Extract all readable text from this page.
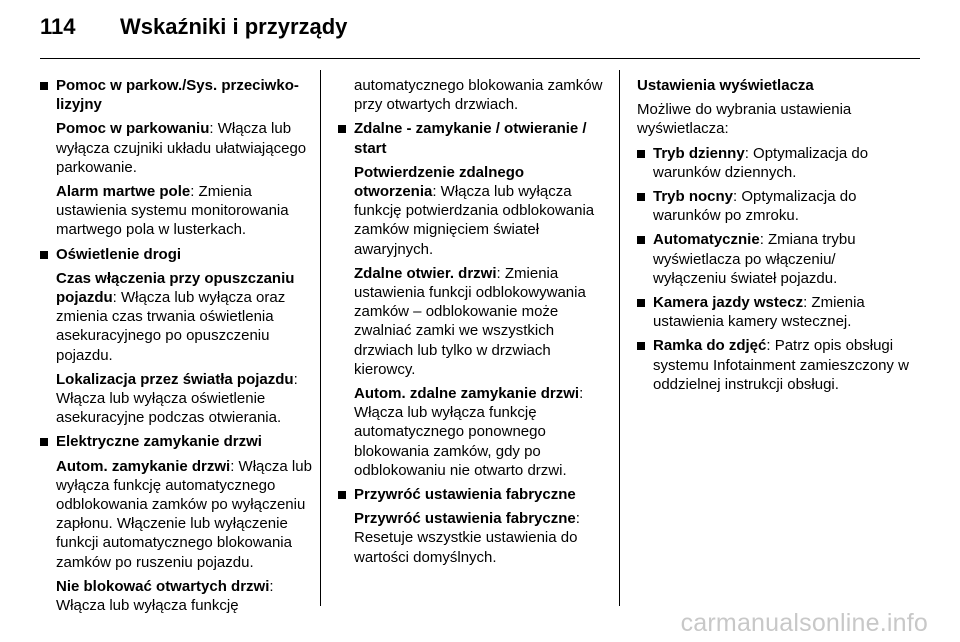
114 Wskaźniki i przyrządy
Pomoc w parkow./Sys. przeciwko-lizyjny
Pomoc w parkowaniu: Włącza lub wyłącza czujniki układu ułatwiającego parkowanie.
Alarm martwe pole: Zmienia ustawienia systemu monitorowania martwego pola w lusterkach.
Oświetlenie drogi
Czas włączenia przy opuszczaniu pojazdu: Włącza lub wyłącza oraz zmienia czas trwania oświetlenia asekuracyjnego po opuszczeniu pojazdu.
Lokalizacja przez światła pojazdu: Włącza lub wyłącza oświetlenie asekuracyjne podczas otwierania.
Elektryczne zamykanie drzwi
Autom. zamykanie drzwi: Włącza lub wyłącza funkcję automatycznego odblokowania zamków po wyłączeniu zapłonu. Włączenie lub wyłączenie funkcji automatycznego blokowania zamków po ruszeniu pojazdu.
Nie blokować otwartych drzwi: Włącza lub wyłącza funkcję
automatycznego blokowania zamków przy otwartych drzwiach.
Zdalne - zamykanie / otwieranie / start
Potwierdzenie zdalnego otworzenia: Włącza lub wyłącza funkcję potwierdzania odblokowania zamków mignięciem świateł awaryjnych.
Zdalne otwier. drzwi: Zmienia ustawienia funkcji odblokowywania zamków – odblokowanie może zwalniać zamki we wszystkich drzwiach lub tylko w drzwiach kierowcy.
Autom. zdalne zamykanie drzwi: Włącza lub wyłącza funkcję automatycznego ponownego blokowania zamków, gdy po odblokowaniu nie otwarto drzwi.
Przywróć ustawienia fabryczne
Przywróć ustawienia fabryczne: Resetuje wszystkie ustawienia do wartości domyślnych.
Ustawienia wyświetlacza
Możliwe do wybrania ustawienia wyświetlacza:
Tryb dzienny: Optymalizacja do warunków dziennych.
Tryb nocny: Optymalizacja do warunków po zmroku.
Automatycznie: Zmiana trybu wyświetlacza po włączeniu/ wyłączeniu świateł pojazdu.
Kamera jazdy wstecz: Zmienia ustawienia kamery wstecznej.
Ramka do zdjęć: Patrz opis obsługi systemu Infotainment zamieszczony w oddzielnej instrukcji obsługi.
carmanualsonline.info
